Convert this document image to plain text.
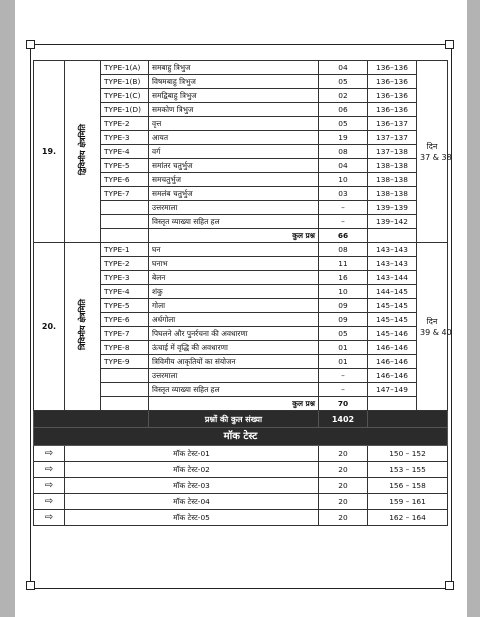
19.	द्विविमीय क्षेत्रमिति	TYPE-1(A)	समबाहु त्रिभुज	04	136–136	दिन
37 & 38

		TYPE-1(B)	विषमबाहु त्रिभुज	05	136–136	
		TYPE-1(C)	समद्विबाहु त्रिभुज	02	136–136	
		TYPE-1(D)	समकोण त्रिभुज	06	136–136	
		TYPE-2	वृत्त	05	136–137	
		TYPE-3	आयत	19	137–137	
		TYPE-4	वर्ग	08	137–138	
		TYPE-5	समांतर चतुर्भुज	04	138–138	
		TYPE-6	समचतुर्भुज	10	138–138	
		TYPE-7	समलंब चतुर्भुज	03	138–138	
			उत्तरमाला	–	139–139	
			विस्तृत व्याख्या सहित हल	–	139–142	
			कुल प्रश्न	66		
20.	त्रिविमीय क्षेत्रमिति	TYPE-1	घन	08	143–143	दिन
39 & 40

		TYPE-2	घनाभ	11	143–143	
		TYPE-3	बेलन	16	143–144	
		TYPE-4	शंकु	10	144–145	
		TYPE-5	गोला	09	145–145	
		TYPE-6	अर्धगोला	09	145–145	
		TYPE-7	पिघलने और पुनर्रचना की अवधारणा	05	145–146	
		TYPE-8	ऊंचाई में वृद्धि की अवधारणा	01	146–146	
		TYPE-9	त्रिविमीय आकृतियों का संयोजन	01	146–146	
			उत्तरमाला	–	146–146	
			विस्तृत व्याख्या सहित हल	–	147–149	
			कुल प्रश्न	70		
			प्रश्नों की कुल संख्या	1402		
मॉक टेस्ट						
⇨	मॉक टेस्ट-01			20	150 – 152	
⇨	मॉक टेस्ट-02			20	153 – 155	
⇨	मॉक टेस्ट-03			20	156 – 158	
⇨	मॉक टेस्ट-04			20	159 – 161	
⇨	मॉक टेस्ट-05			20	162 – 164	
